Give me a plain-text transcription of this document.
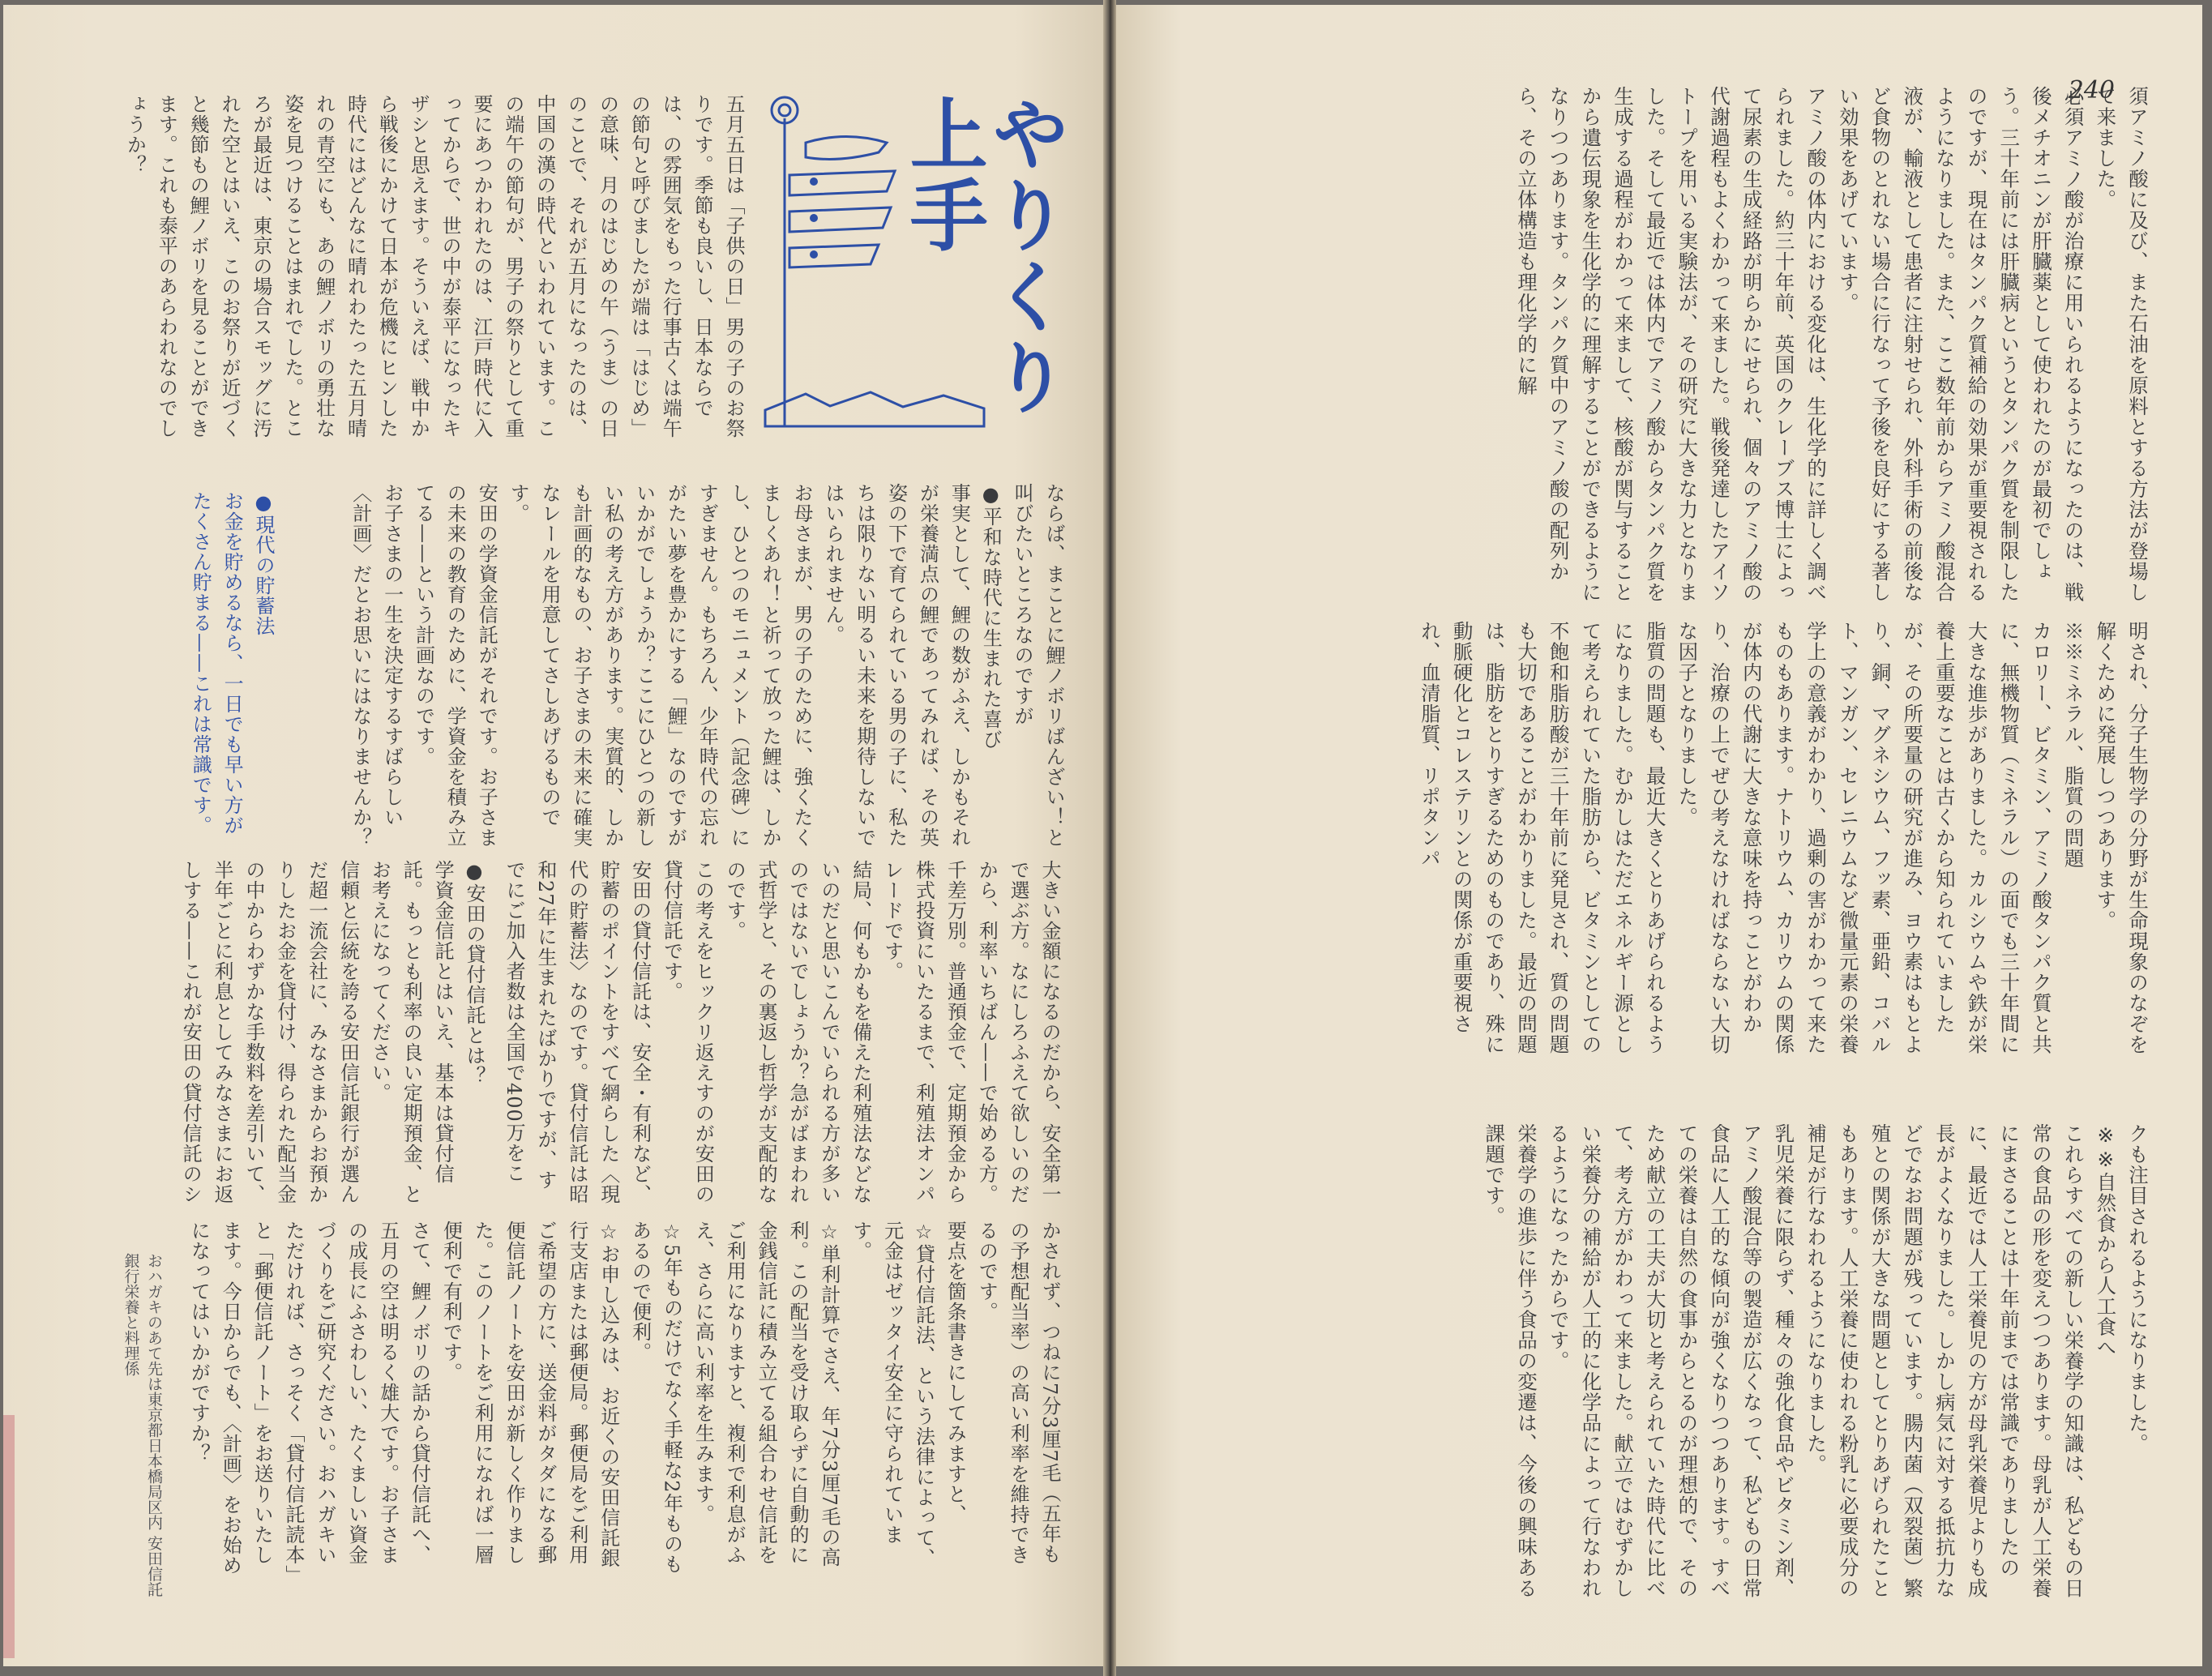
やりくり上手
五月五日は「子供の日」男の子のお祭りです。季節も良いし、日本ならでは、の雰囲気をもった行事古くは端午の節句と呼びましたが端は「はじめ」の意味、月のはじめの午（うま）の日のことで、それが五月になったのは、中国の漢の時代といわれています。この端午の節句が、男子の祭りとして重要にあつかわれたのは、江戸時代に入ってからで、世の中が泰平になったキザシと思えます。そういえば、戦中から戦後にかけて日本が危機にヒンした時代にはどんなに晴れわたった五月晴れの青空にも、あの鯉ノボリの勇壮な姿を見つけることはまれでした。ところが最近は、東京の場合スモッグに汚れた空とはいえ、このお祭りが近づくと幾節もの鯉ノボリを見ることができます。これも泰平のあらわれなのでしょうか？
ならば、まことに鯉ノボリばんざい！と叫びたいところなのですが
●平和な時代に生まれた喜び
事実として、鯉の数がふえ、しかもそれが栄養満点の鯉であってみれば、その英姿の下で育てられている男の子に、私たちは限りない明るい未来を期待しないではいられません。
お母さまが、男の子のために、強くたくましくあれ！と祈って放った鯉は、しかし、ひとつのモニュメント（記念碑）にすぎません。もちろん、少年時代の忘れがたい夢を豊かにする「鯉」なのですがいかがでしょうか？ここにひとつの新しい私の考え方があります。実質的、しかも計画的なもの、お子さまの未来に確実なレールを用意してさしあげるものです。
安田の学資金信託がそれです。お子さまの未来の教育のために、学資金を積み立てる——という計画なのです。
お子さまの一生を決定するすばらしい〈計画〉だとお思いにはなりませんか？
●現代の貯蓄法
お金を貯めるなら、一日でも早い方がたくさん貯まる——これは常識です。
大きい金額になるのだから、安全第一で選ぶ方。なにしろふえて欲しいのだから、利率いちばん——で始める方。千差万別。普通預金で、定期預金から株式投資にいたるまで、利殖法オンパレードです。
結局、何もかもを備えた利殖法などないのだと思いこんでいられる方が多いのではないでしょうか？急がばまわれ式哲学と、その裏返し哲学が支配的なのです。
この考えをヒックリ返えすのが安田の貸付信託です。
安田の貸付信託は、安全・有利など、貯蓄のポイントをすべて網らした〈現代の貯蓄法〉なのです。貸付信託は昭和27年に生まれたばかりですが、すでにご加入者数は全国で400万をこ
●安田の貸付信託とは？
学資金信託とはいえ、基本は貸付信託。もっとも利率の良い定期預金、とお考えになってください。
信頼と伝統を誇る安田信託銀行が選んだ超一流会社に、みなさまからお預かりしたお金を貸付け、得られた配当金の中からわずかな手数料を差引いて、半年ごとに利息としてみなさまにお返しする——これが安田の貸付信託のシ
かされず、つねに7分3厘7毛（五年もの予想配当率）の高い利率を維持できるのです。
要点を箇条書きにしてみますと、
☆貸付信託法、という法律によって、元金はゼッタイ安全に守られています。
☆単利計算でさえ、年7分3厘7毛の高利。この配当を受け取らずに自動的に金銭信託に積み立てる組合わせ信託をご利用になりますと、複利で利息がふえ、さらに高い利率を生みます。
☆5年ものだけでなく手軽な2年ものもあるので便利。
☆お申し込みは、お近くの安田信託銀行支店または郵便局。郵便局をご利用ご希望の方に、送金料がタダになる郵便信託ノートを安田が新しく作りました。このノートをご利用になれば一層便利で有利です。
さて、鯉ノボリの話から貸付信託へ、五月の空は明るく雄大です。お子さまの成長にふさわしい、たくましい資金づくりをご研究ください。おハガキいただければ、さっそく「貸付信託読本」と「郵便信託ノート」をお送りいたします。今日からでも、〈計画〉をお始めになってはいかがですか？
おハガキのあて先は東京都日本橋局区内 安田信託銀行栄養と料理係
240 須アミノ酸に及び、また石油を原料とする方法が登場して来ました。
必須アミノ酸が治療に用いられるようになったのは、戦後メチオニンが肝臓薬として使われたのが最初でしょう。三十年前には肝臓病というとタンパク質を制限したのですが、現在はタンパク質補給の効果が重要視されるようになりました。また、ここ数年前からアミノ酸混合液が、輸液として患者に注射せられ、外科手術の前後など食物のとれない場合に行なって予後を良好にする著しい効果をあげています。
アミノ酸の体内における変化は、生化学的に詳しく調べられました。約三十年前、英国のクレーブス博士によって尿素の生成経路が明らかにせられ、個々のアミノ酸の代謝過程もよくわかって来ました。戦後発達したアイソトープを用いる実験法が、その研究に大きな力となりました。そして最近では体内でアミノ酸からタンパク質を生成する過程がわかって来まして、核酸が関与することから遺伝現象を生化学的に理解することができるようになりつつあります。タンパク質中のアミノ酸の配列から、その立体構造も理化学的に解
明され、分子生物学の分野が生命現象のなぞを解くために発展しつつあります。
※※ミネラル、脂質の問題
カロリー、ビタミン、アミノ酸タンパク質と共に、無機物質（ミネラル）の面でも三十年間に大きな進歩がありました。カルシウムや鉄が栄養上重要なことは古くから知られていましたが、その所要量の研究が進み、ヨウ素はもとより、銅、マグネシウム、フッ素、亜鉛、コバルト、マンガン、セレニウムなど微量元素の栄養学上の意義がわかり、過剰の害がわかって来たものもあります。ナトリウム、カリウムの関係が体内の代謝に大きな意味を持っことがわかり、治療の上でぜひ考えなければならない大切な因子となりました。
脂質の問題も、最近大きくとりあげられるようになりました。むかしはただエネルギー源として考えられていた脂肪から、ビタミンとしての不飽和脂肪酸が三十年前に発見され、質の問題も大切であることがわかりました。最近の問題は、脂肪をとりすぎるためのものであり、殊に動脈硬化とコレステリンとの関係が重要視され、血清脂質、リポタンパ
クも注目されるようになりました。
※※自然食から人工食へ
これらすべての新しい栄養学の知識は、私どもの日常の食品の形を変えつつあります。母乳が人工栄養にまさることは十年前までは常識でありましたのに、最近では人工栄養児の方が母乳栄養児よりも成長がよくなりました。しかし病気に対する抵抗力などでなお問題が残っています。腸内菌（双裂菌）繁殖との関係が大きな問題としてとりあげられたこともあります。人工栄養に使われる粉乳に必要成分の補足が行なわれるようになりました。
乳児栄養に限らず、種々の強化食品やビタミン剤、アミノ酸混合等の製造が広くなって、私どもの日常食品に人工的な傾向が強くなりつつあります。すべての栄養は自然の食事からとるのが理想的で、そのため献立の工夫が大切と考えられていた時代に比べて、考え方がかわって来ました。献立ではむずかしい栄養分の補給が人工的に化学品によって行なわれるようになったからです。
栄養学の進歩に伴う食品の変遷は、今後の興味ある課題です。
